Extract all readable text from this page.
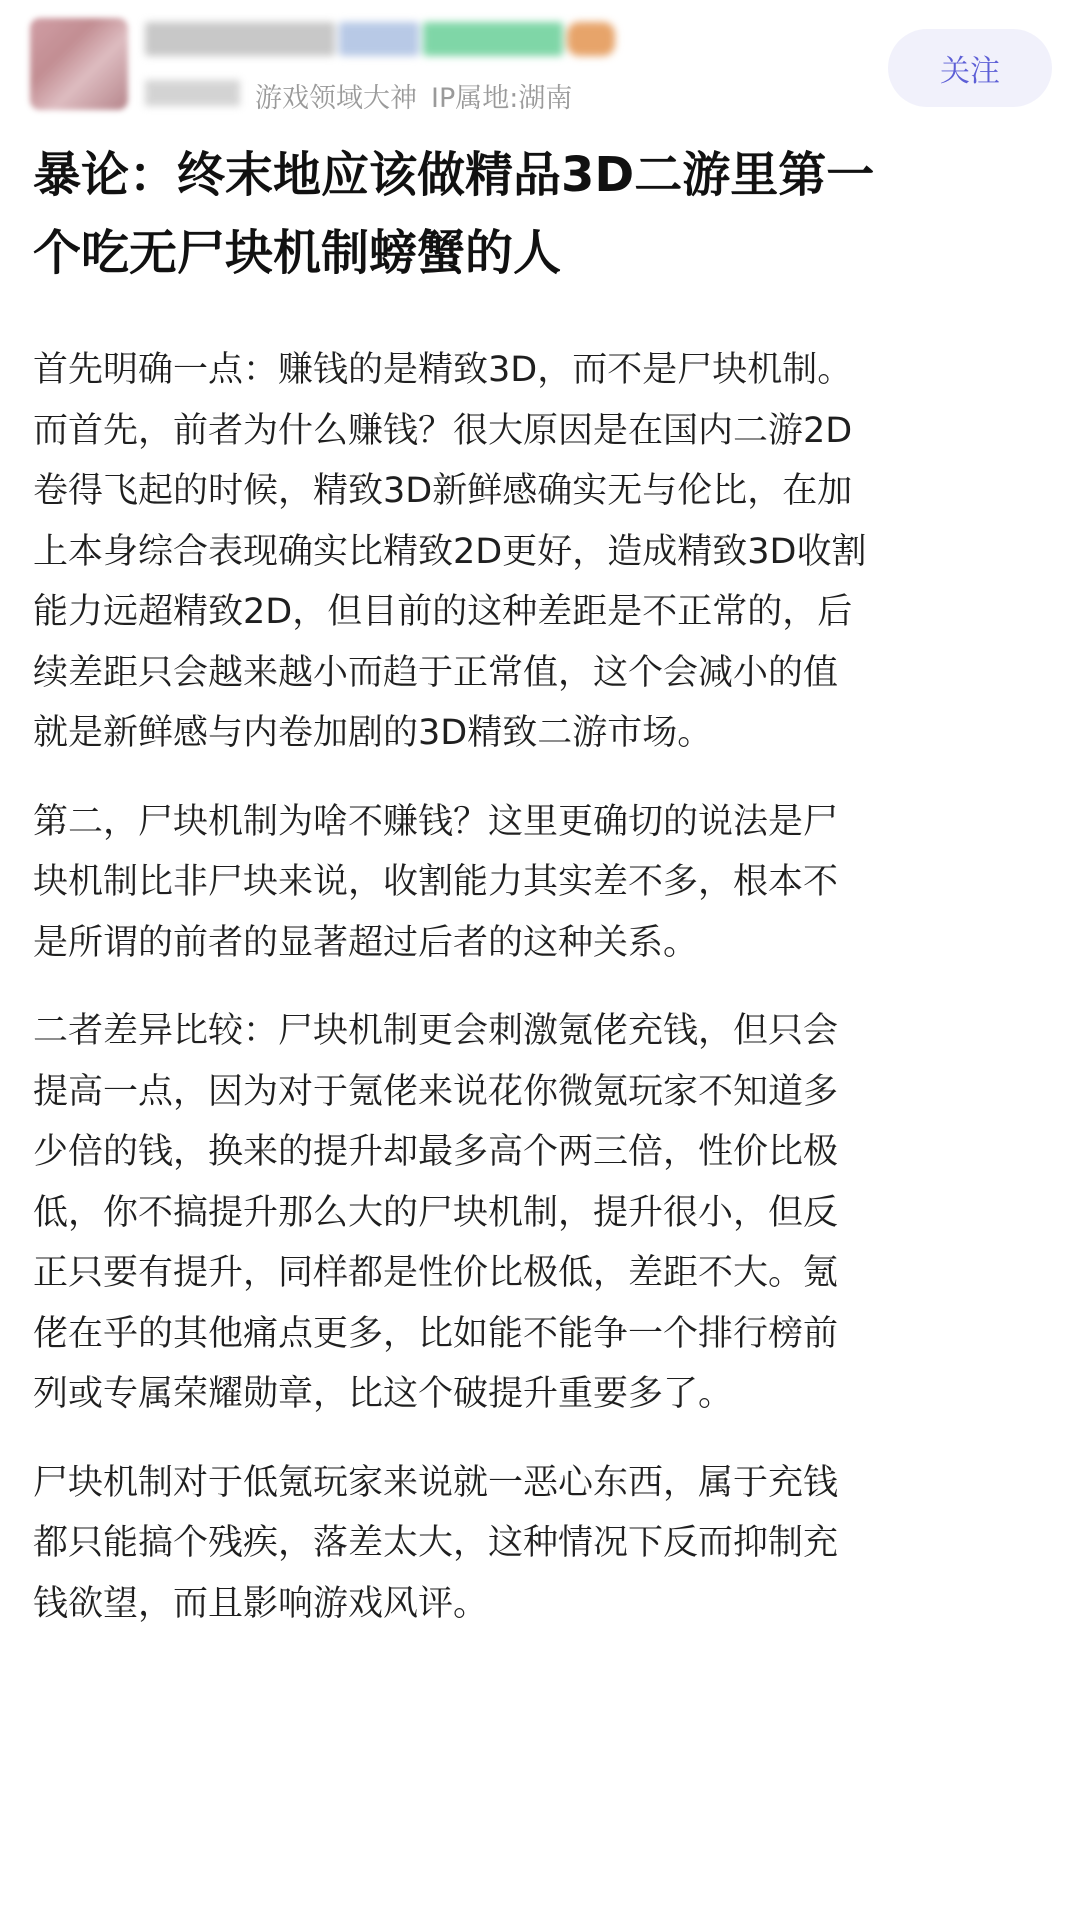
游戏领域大神 IP属地:湖南
关注
暴论：终末地应该做精品3D二游里第一
个吃无尸块机制螃蟹的人

首先明确一点：赚钱的是精致3D，而不是尸块机制。
而首先，前者为什么赚钱？很大原因是在国内二游2D
卷得飞起的时候，精致3D新鲜感确实无与伦比，在加
上本身综合表现确实比精致2D更好，造成精致3D收割
能力远超精致2D，但目前的这种差距是不正常的，后
续差距只会越来越小而趋于正常值，这个会减小的值
就是新鲜感与内卷加剧的3D精致二游市场。

第二，尸块机制为啥不赚钱？这里更确切的说法是尸
块机制比非尸块来说，收割能力其实差不多，根本不
是所谓的前者的显著超过后者的这种关系。

二者差异比较：尸块机制更会刺激氪佬充钱，但只会
提高一点，因为对于氪佬来说花你微氪玩家不知道多
少倍的钱，换来的提升却最多高个两三倍，性价比极
低，你不搞提升那么大的尸块机制，提升很小，但反
正只要有提升，同样都是性价比极低，差距不大。氪
佬在乎的其他痛点更多，比如能不能争一个排行榜前
列或专属荣耀勋章，比这个破提升重要多了。

尸块机制对于低氪玩家来说就一恶心东西，属于充钱
都只能搞个残疾，落差太大，这种情况下反而抑制充
钱欲望，而且影响游戏风评。
